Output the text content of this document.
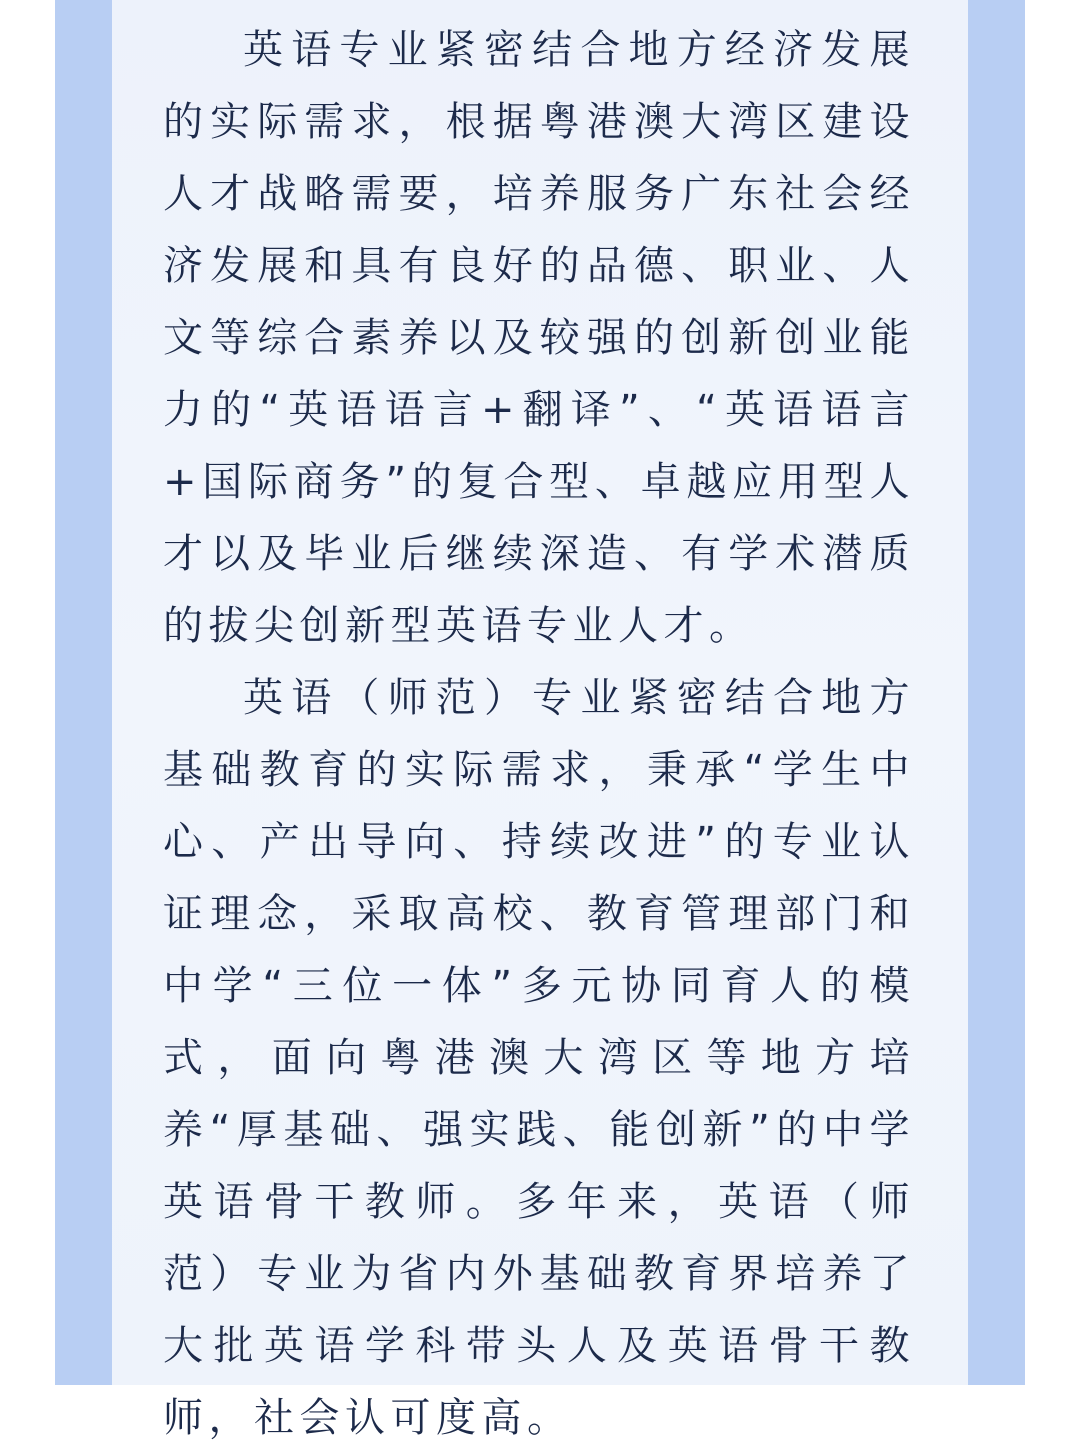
英语专业紧密结合地方经济发展的实际需求，根据粤港澳大湾区建设人才战略需要，培养服务广东社会经济发展和具有良好的品德、职业、人文等综合素养以及较强的创新创业能力的“英语语言+翻译”、“英语语言+国际商务”的复合型、卓越应用型人才以及毕业后继续深造、有学术潜质的拔尖创新型英语专业人才。

英语（师范）专业紧密结合地方基础教育的实际需求，秉承“学生中心、产出导向、持续改进”的专业认证理念，采取高校、教育管理部门和中学“三位一体”多元协同育人的模式，面向粤港澳大湾区等地方培养“厚基础、强实践、能创新”的中学英语骨干教师。多年来，英语（师范）专业为省内外基础教育界培养了大批英语学科带头人及英语骨干教师，社会认可度高。
